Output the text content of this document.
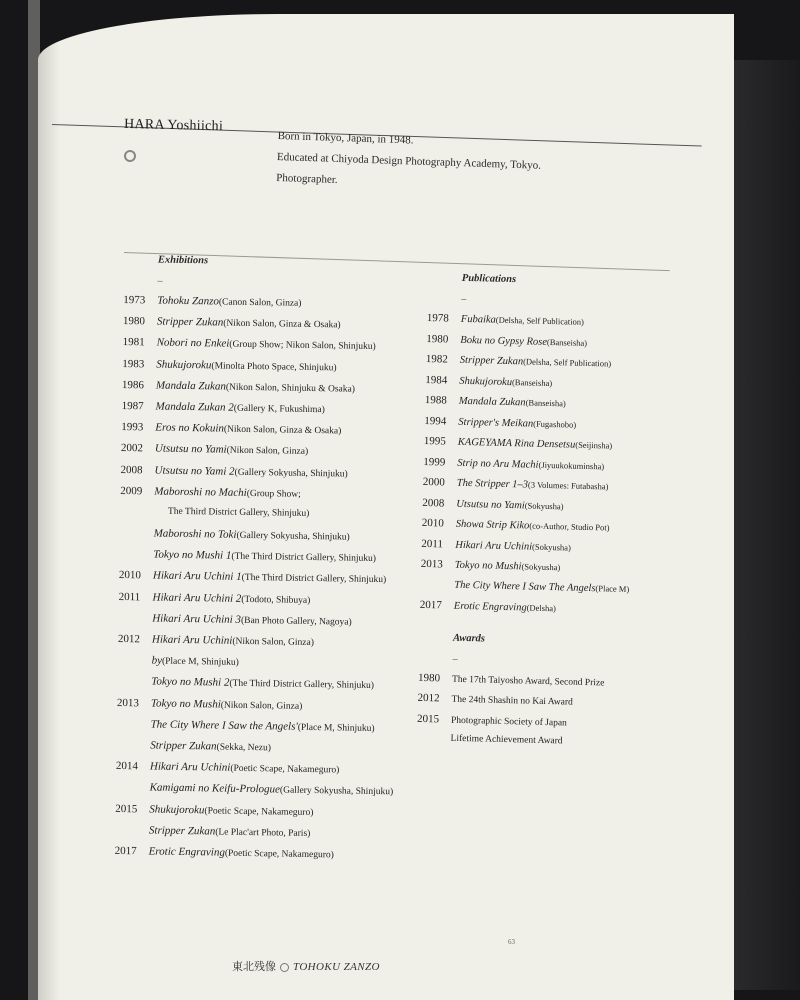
HARA Yoshiichi
Born in Tokyo, Japan, in 1948.
Educated at Chiyoda Design Photography Academy, Tokyo.
Photographer.
Exhibitions
–
1973	Tohoku Zanzo (Canon Salon, Ginza)
1980	Stripper Zukan (Nikon Salon, Ginza & Osaka)
1981	Nobori no Enkei (Group Show; Nikon Salon, Shinjuku)
1983	Shukujoroku (Minolta Photo Space, Shinjuku)
1986	Mandala Zukan (Nikon Salon, Shinjuku & Osaka)
1987	Mandala Zukan 2 (Gallery K, Fukushima)
1993	Eros no Kokuin (Nikon Salon, Ginza & Osaka)
2002	Utsutsu no Yami (Nikon Salon, Ginza)
2008	Utsutsu no Yami 2 (Gallery Sokyusha, Shinjuku)
2009	Maboroshi no Machi (Group Show;
The Third District Gallery, Shinjuku)
Maboroshi no Toki (Gallery Sokyusha, Shinjuku)
Tokyo no Mushi 1 (The Third District Gallery, Shinjuku)
2010	Hikari Aru Uchini 1 (The Third District Gallery, Shinjuku)
2011	Hikari Aru Uchini 2 (Todoto, Shibuya)
Hikari Aru Uchini 3 (Ban Photo Gallery, Nagoya)
2012	Hikari Aru Uchini (Nikon Salon, Ginza)
by (Place M, Shinjuku)
Tokyo no Mushi 2 (The Third District Gallery, Shinjuku)
2013	Tokyo no Mushi (Nikon Salon, Ginza)
The City Where I Saw the Angels' (Place M, Shinjuku)
Stripper Zukan (Sekka, Nezu)
2014	Hikari Aru Uchini (Poetic Scape, Nakameguro)
Kamigami no Keifu-Prologue (Gallery Sokyusha, Shinjuku)
2015	Shukujoroku (Poetic Scape, Nakameguro)
Stripper Zukan (Le Plac'art Photo, Paris)
2017	Erotic Engraving (Poetic Scape, Nakameguro)
Publications
–
1978	Fubaika (Delsha, Self Publication)
1980	Boku no Gypsy Rose (Banseisha)
1982	Stripper Zukan (Delsha, Self Publication)
1984	Shukujoroku (Banseisha)
1988	Mandala Zukan (Banseisha)
1994	Stripper's Meikan (Fugashobo)
1995	KAGEYAMA Rina Densetsu (Seijinsha)
1999	Strip no Aru Machi (Jiyuukokuminsha)
2000	The Stripper 1–3 (3 Volumes: Futabasha)
2008	Utsutsu no Yami (Sokyusha)
2010	Showa Strip Kiko (co-Author, Studio Pot)
2011	Hikari Aru Uchini (Sokyusha)
2013	Tokyo no Mushi (Sokyusha)
The City Where I Saw The Angels (Place M)
2017	Erotic Engraving (Delsha)
Awards
–
1980	The 17th Taiyosho Award, Second Prize
2012	The 24th Shashin no Kai Award
2015	Photographic Society of Japan
Lifetime Achievement Award
63
東北残像 ○ TOHOKU ZANZO
